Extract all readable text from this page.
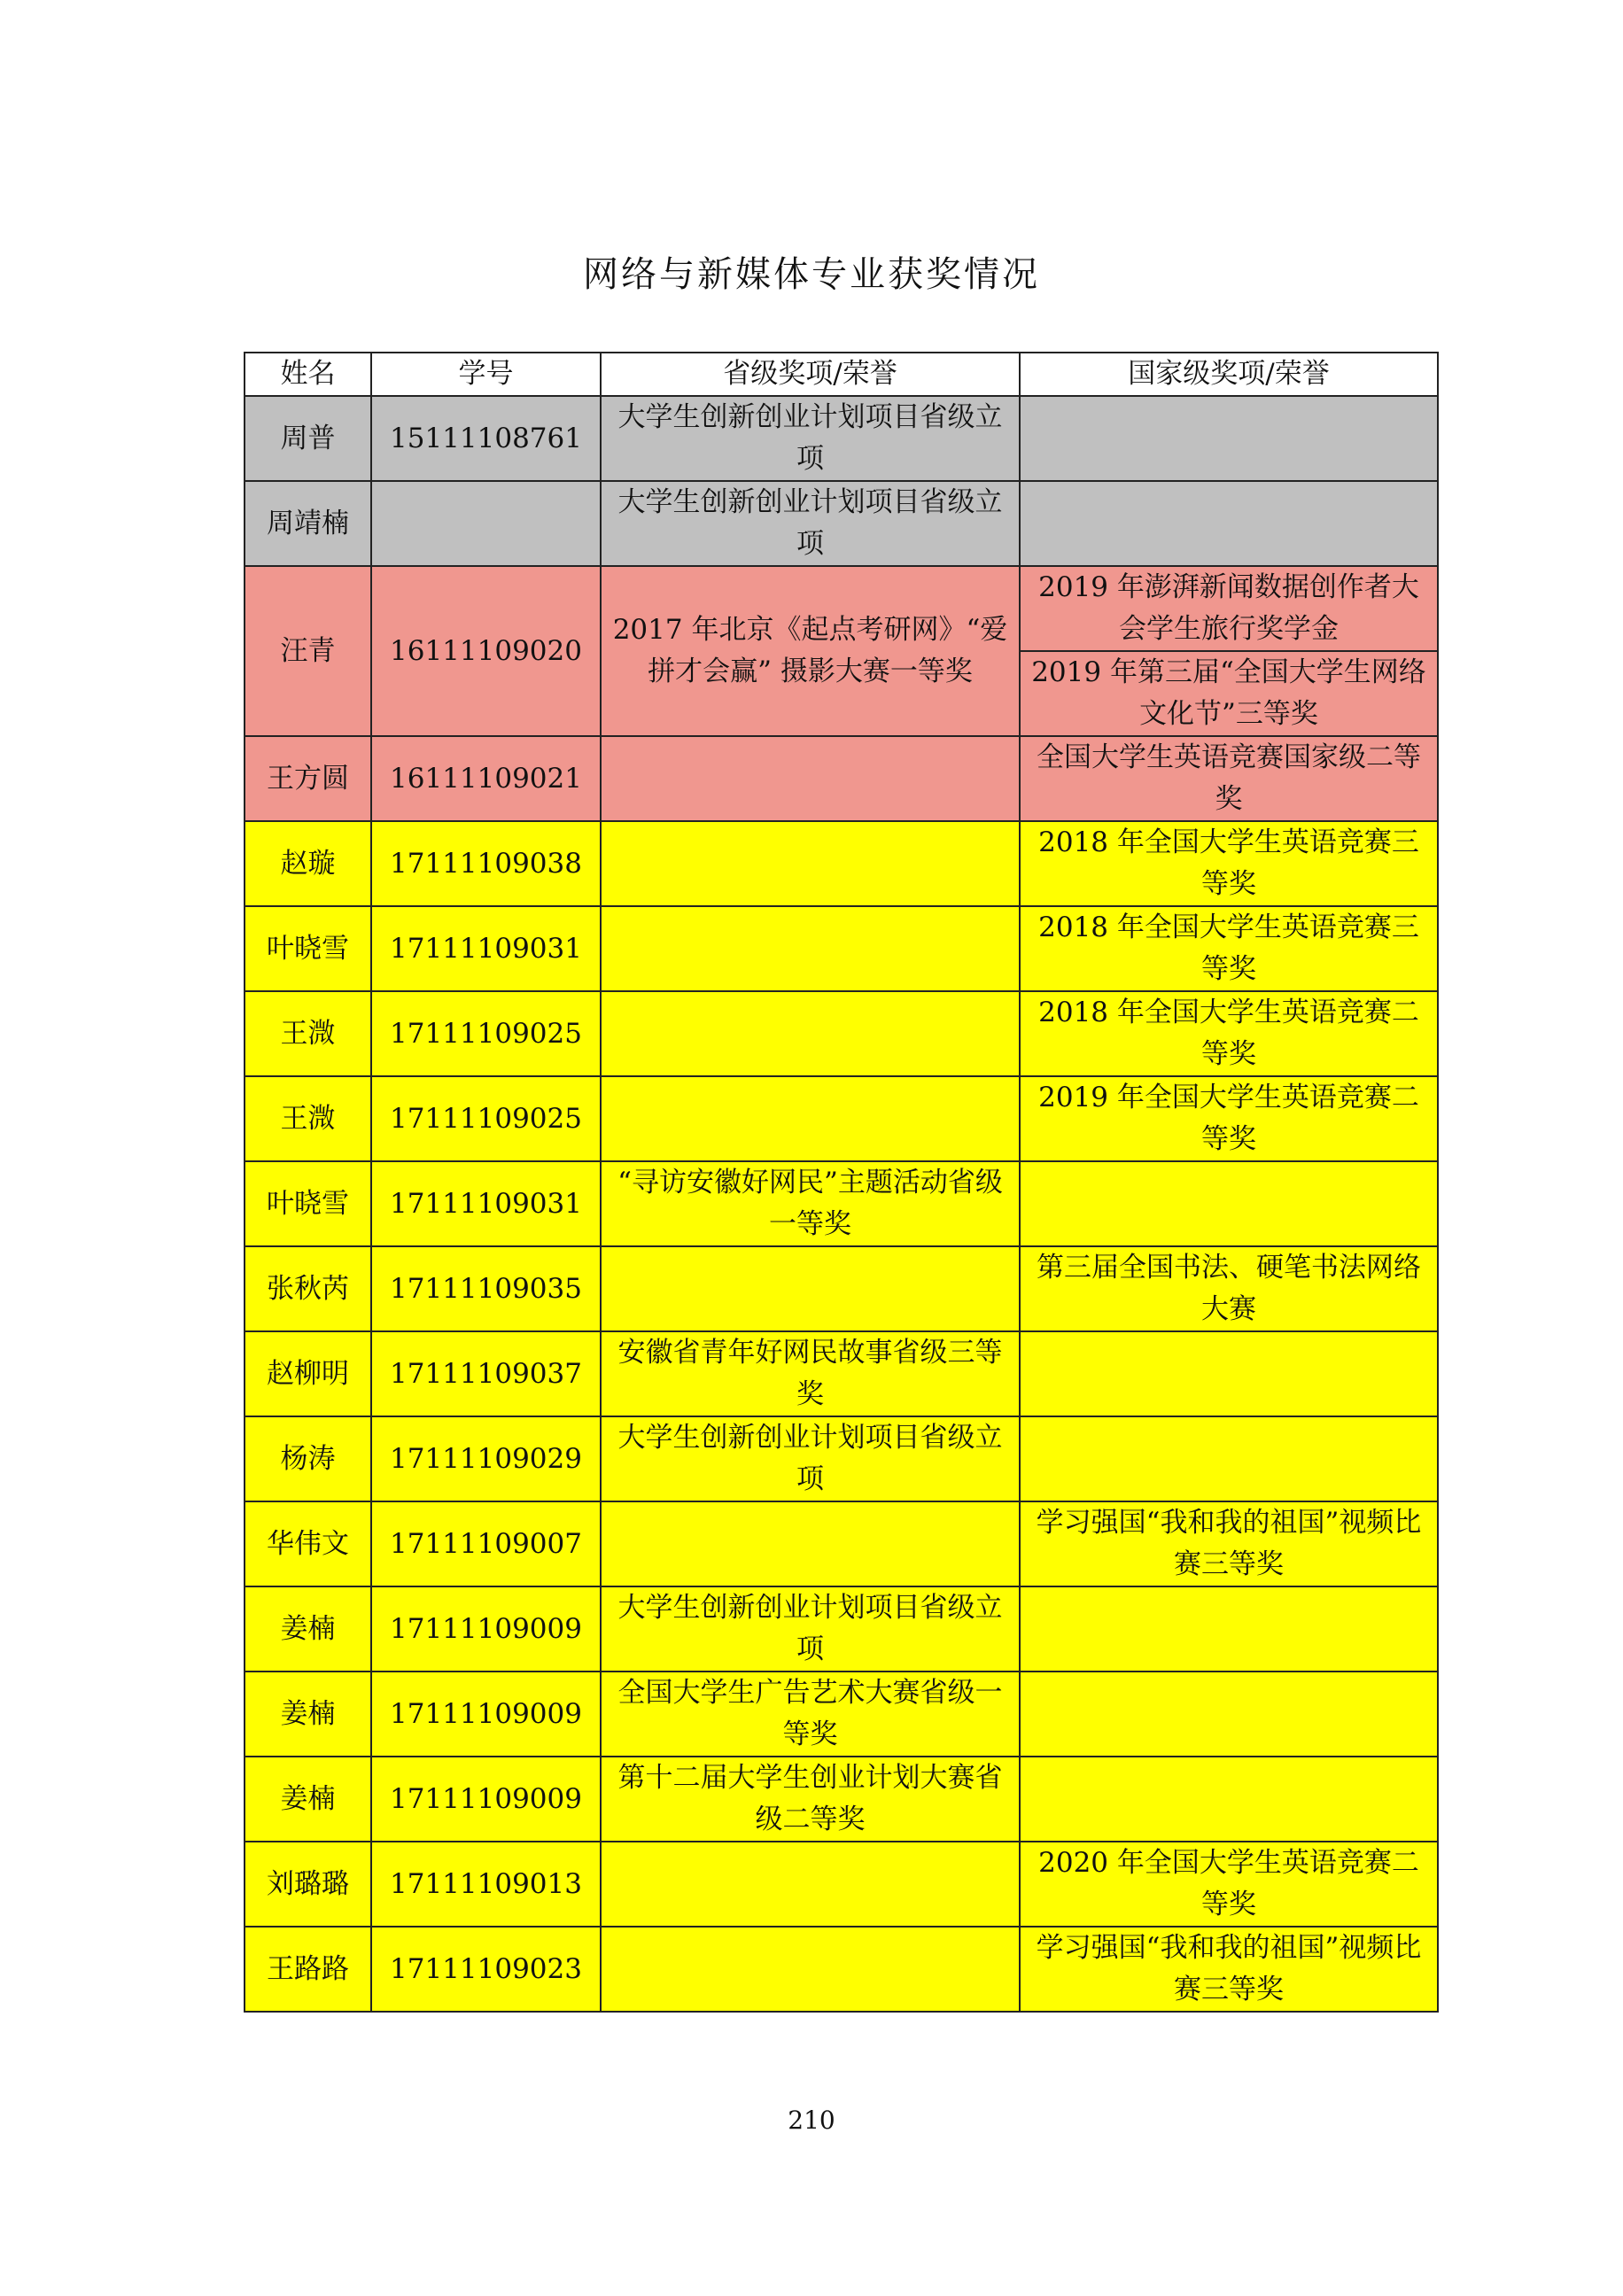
网络与新媒体专业获奖情况
姓名	学号	省级奖项/荣誉	国家级奖项/荣誉
周普	15111108761	大学生创新创业计划项目省级立项	
周靖楠		大学生创新创业计划项目省级立项	
汪青	16111109020	2017 年北京《起点考研网》“爱拼才会赢” 摄影大赛一等奖	2019 年澎湃新闻数据创作者大会学生旅行奖学金
			2019 年第三届“全国大学生网络文化节”三等奖
王方圆	16111109021		全国大学生英语竞赛国家级二等奖
赵璇	17111109038		2018 年全国大学生英语竞赛三等奖
叶晓雪	17111109031		2018 年全国大学生英语竞赛三等奖
王溦	17111109025		2018 年全国大学生英语竞赛二等奖
王溦	17111109025		2019 年全国大学生英语竞赛二等奖
叶晓雪	17111109031	“寻访安徽好网民”主题活动省级一等奖	
张秋芮	17111109035		第三届全国书法、硬笔书法网络大赛
赵柳明	17111109037	安徽省青年好网民故事省级三等奖	
杨涛	17111109029	大学生创新创业计划项目省级立项	
华伟文	17111109007		学习强国“我和我的祖国”视频比赛三等奖
姜楠	17111109009	大学生创新创业计划项目省级立项	
姜楠	17111109009	全国大学生广告艺术大赛省级一等奖	
姜楠	17111109009	第十二届大学生创业计划大赛省级二等奖	
刘璐璐	17111109013		2020 年全国大学生英语竞赛二等奖
王路路	17111109023		学习强国“我和我的祖国”视频比赛三等奖
210
